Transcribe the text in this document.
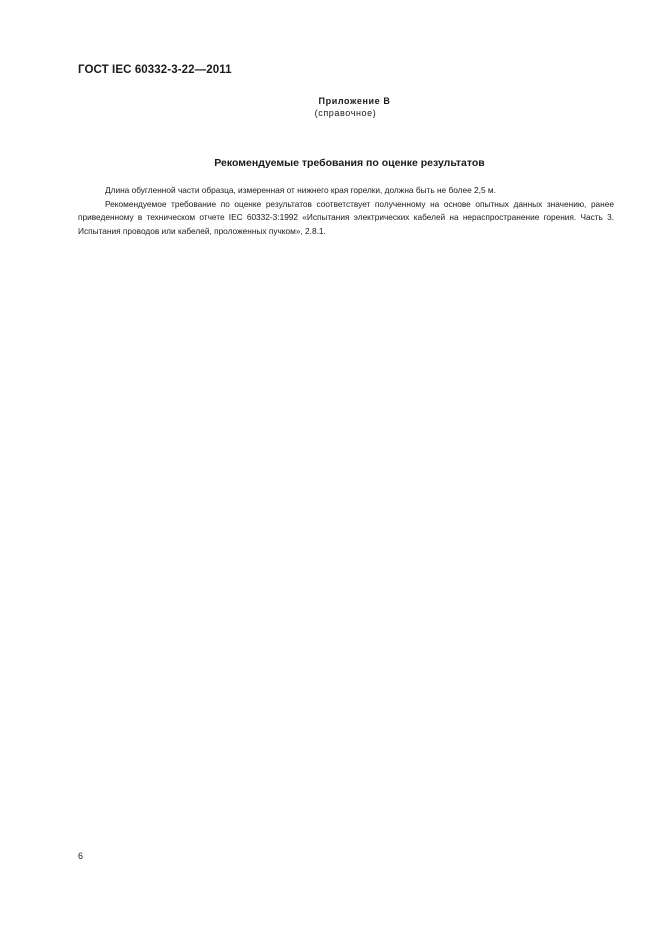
ГОСТ IEC 60332-3-22—2011
Приложение В
(справочное)
Рекомендуемые требования по оценке результатов

Длина обугленной части образца, измеренная от нижнего края горелки, должна быть не более 2,5 м.

Рекомендуемое требование по оценке результатов соответствует полученному на основе опытных данных значению, ранее приведенному в техническом отчете IEC 60332-3:1992 «Испытания электрических кабелей на нераспространение горения. Часть 3. Испытания проводов или кабелей, проложенных пучком», 2.8.1.

6
